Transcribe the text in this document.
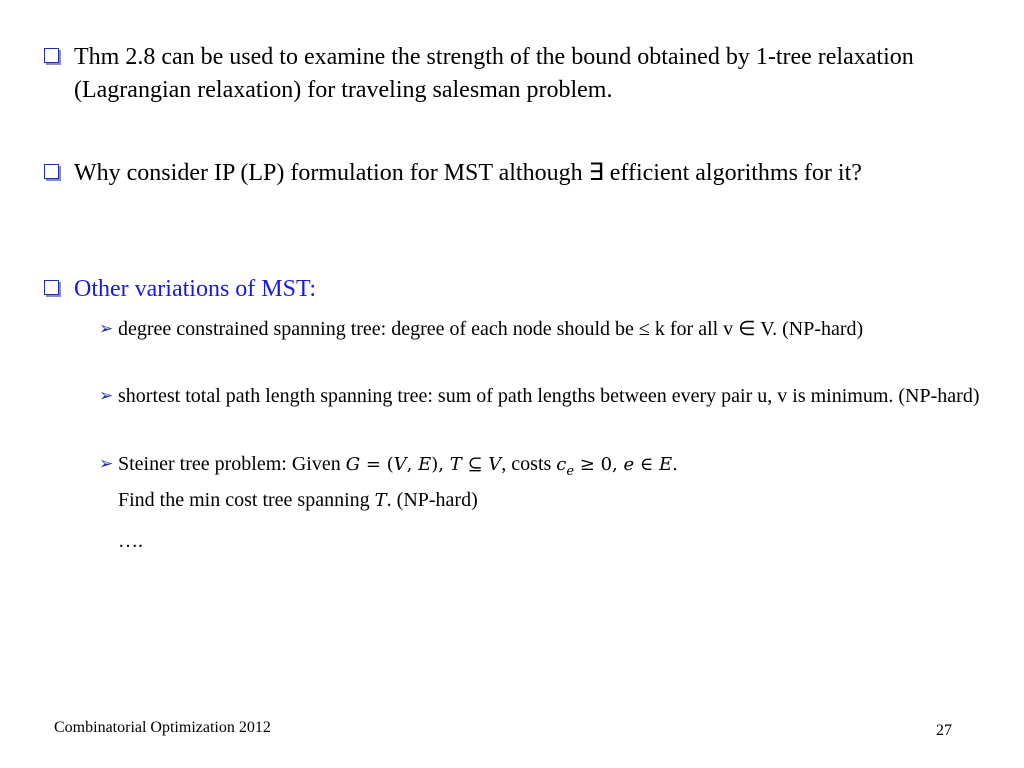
Thm 2.8 can be used to examine the strength of the bound obtained by 1-tree relaxation (Lagrangian relaxation) for traveling salesman problem.
Why consider IP (LP) formulation for MST although ∃ efficient algorithms for it?
Other variations of MST:
➢ degree constrained spanning tree: degree of each node should be ≤ k for all v ∈ V. (NP-hard)
➢ shortest total path length spanning tree: sum of path lengths between every pair u, v is minimum. (NP-hard)
➢ Steiner tree problem: Given G = (V, E), T ⊆ V, costs $c_e \ge 0$, e ∈ E.
Find the min cost tree spanning T. (NP-hard)
….
Combinatorial Optimization 2012	27
